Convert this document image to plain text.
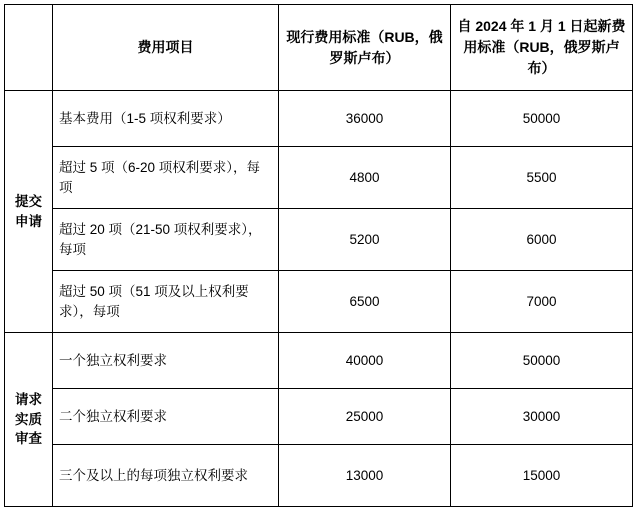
	费用项目	现行费用标准（RUB，俄罗斯卢布）	自 2024 年 1 月 1 日起新费用标准（RUB，俄罗斯卢布）

提交申请	基本费用（1-5 项权利要求）	36000	50000
	超过 5 项（6-20 项权利要求），每项	4800	5500
	超过 20 项（21-50 项权利要求），每项	5200	6000
	超过 50 项（51 项及以上权利要求），每项	6500	7000

请求实质审查	一个独立权利要求	40000	50000
	二个独立权利要求	25000	30000
	三个及以上的每项独立权利要求	13000	15000
